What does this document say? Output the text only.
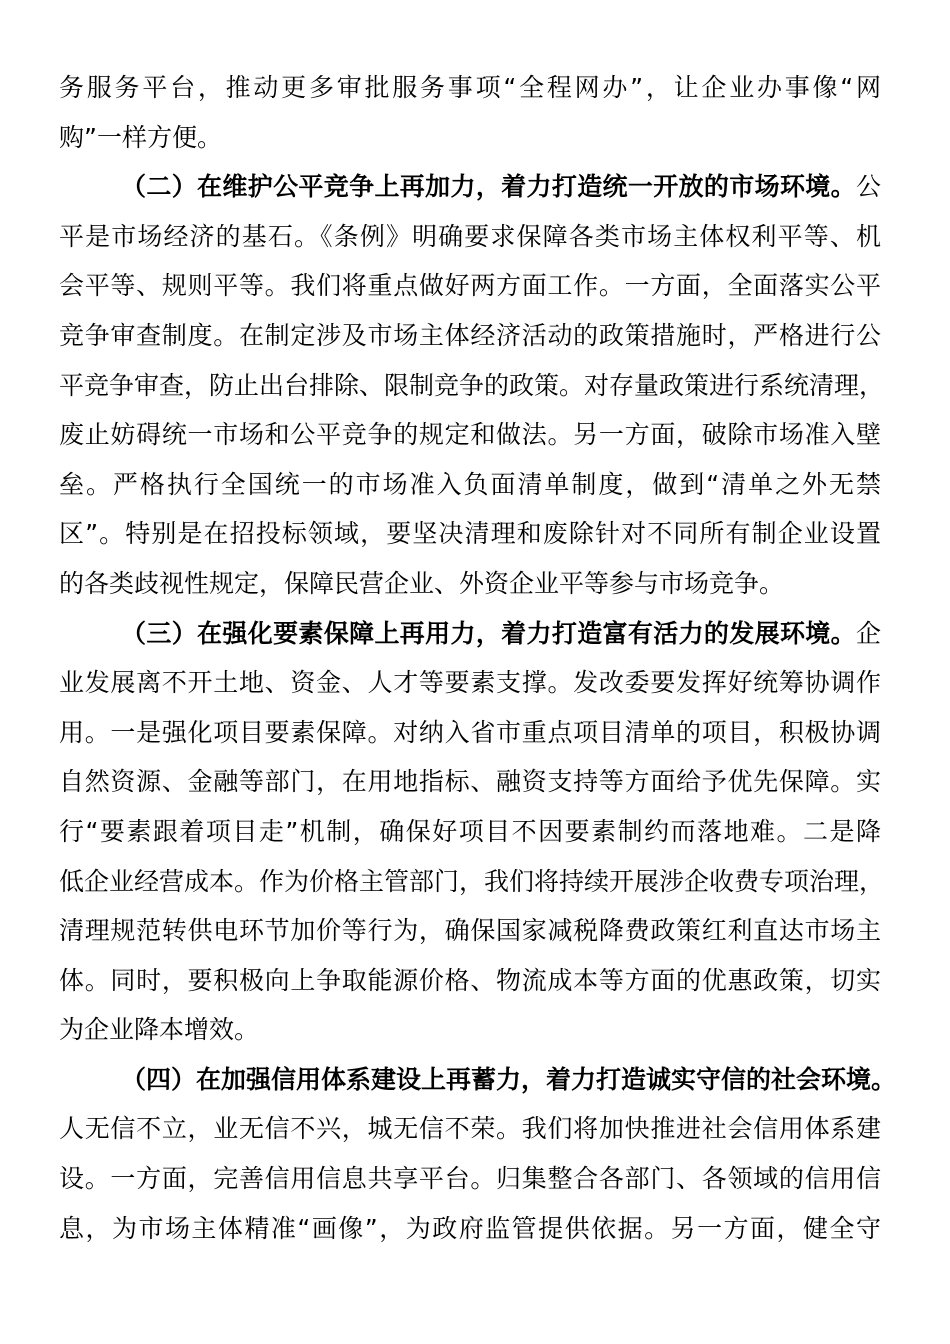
务服务平台，推动更多审批服务事项“全程网办”，让企业办事像“网
购”一样方便。
（二）在维护公平竞争上再加力，着力打造统一开放的市场环境。公
平是市场经济的基石。《条例》明确要求保障各类市场主体权利平等、机
会平等、规则平等。我们将重点做好两方面工作。一方面，全面落实公平
竞争审查制度。在制定涉及市场主体经济活动的政策措施时，严格进行公
平竞争审查，防止出台排除、限制竞争的政策。对存量政策进行系统清理，
废止妨碍统一市场和公平竞争的规定和做法。另一方面，破除市场准入壁
垒。严格执行全国统一的市场准入负面清单制度，做到“清单之外无禁
区”。特别是在招投标领域，要坚决清理和废除针对不同所有制企业设置
的各类歧视性规定，保障民营企业、外资企业平等参与市场竞争。
（三）在强化要素保障上再用力，着力打造富有活力的发展环境。企
业发展离不开土地、资金、人才等要素支撑。发改委要发挥好统筹协调作
用。一是强化项目要素保障。对纳入省市重点项目清单的项目，积极协调
自然资源、金融等部门，在用地指标、融资支持等方面给予优先保障。实
行“要素跟着项目走”机制，确保好项目不因要素制约而落地难。二是降
低企业经营成本。作为价格主管部门，我们将持续开展涉企收费专项治理，
清理规范转供电环节加价等行为，确保国家减税降费政策红利直达市场主
体。同时，要积极向上争取能源价格、物流成本等方面的优惠政策，切实
为企业降本增效。
（四）在加强信用体系建设上再蓄力，着力打造诚实守信的社会环境。
人无信不立，业无信不兴，城无信不荣。我们将加快推进社会信用体系建
设。一方面，完善信用信息共享平台。归集整合各部门、各领域的信用信
息，为市场主体精准“画像”，为政府监管提供依据。另一方面，健全守
